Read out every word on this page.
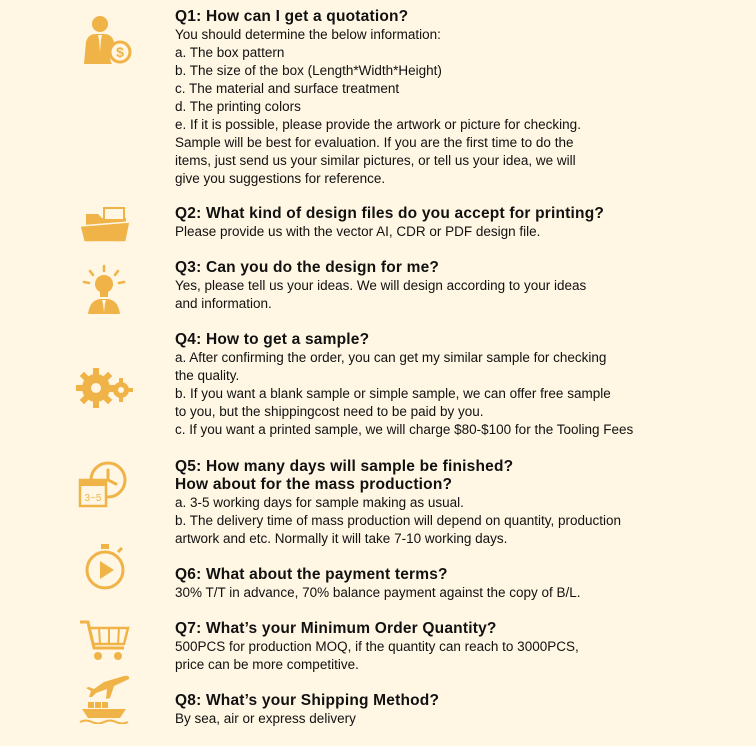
$

Q1: How can I get a quotation?

You should determine the below information:
a. The box pattern
b. The size of the box (Length*Width*Height)
c. The material and surface treatment
d. The printing colors
e. If it is possible, please provide the artwork or picture for checking.
Sample will be best for evaluation. If you are the first time to do the
items, just send us your similar pictures, or tell us your idea, we will
give you suggestions for reference.

Q2: What kind of design files do you accept for printing?

Please provide us with the vector AI, CDR or PDF design file.

Q3: Can you do the design for me?

Yes, please tell us your ideas. We will design according to your ideas
and information.

Q4: How to get a sample?

a. After confirming the order, you can get my similar sample for checking
the quality.
b. If you want a blank sample or simple sample, we can offer free sample
to you, but the shippingcost need to be paid by you.
c. If you want a printed sample, we will charge $80-$100 for the Tooling Fees

3~5

Q5: How many days will sample be finished?
How about for the mass production?

a. 3-5 working days for sample making as usual.
b. The delivery time of mass production will depend on quantity, production
artwork and etc. Normally it will take 7-10 working days.

Q6: What about the payment terms?

30% T/T in advance, 70% balance payment against the copy of B/L.

Q7: What’s your Minimum Order Quantity?

500PCS for production MOQ, if the quantity can reach to 3000PCS,
price can be more competitive.

Q8: What’s your Shipping Method?

By sea, air or express delivery
